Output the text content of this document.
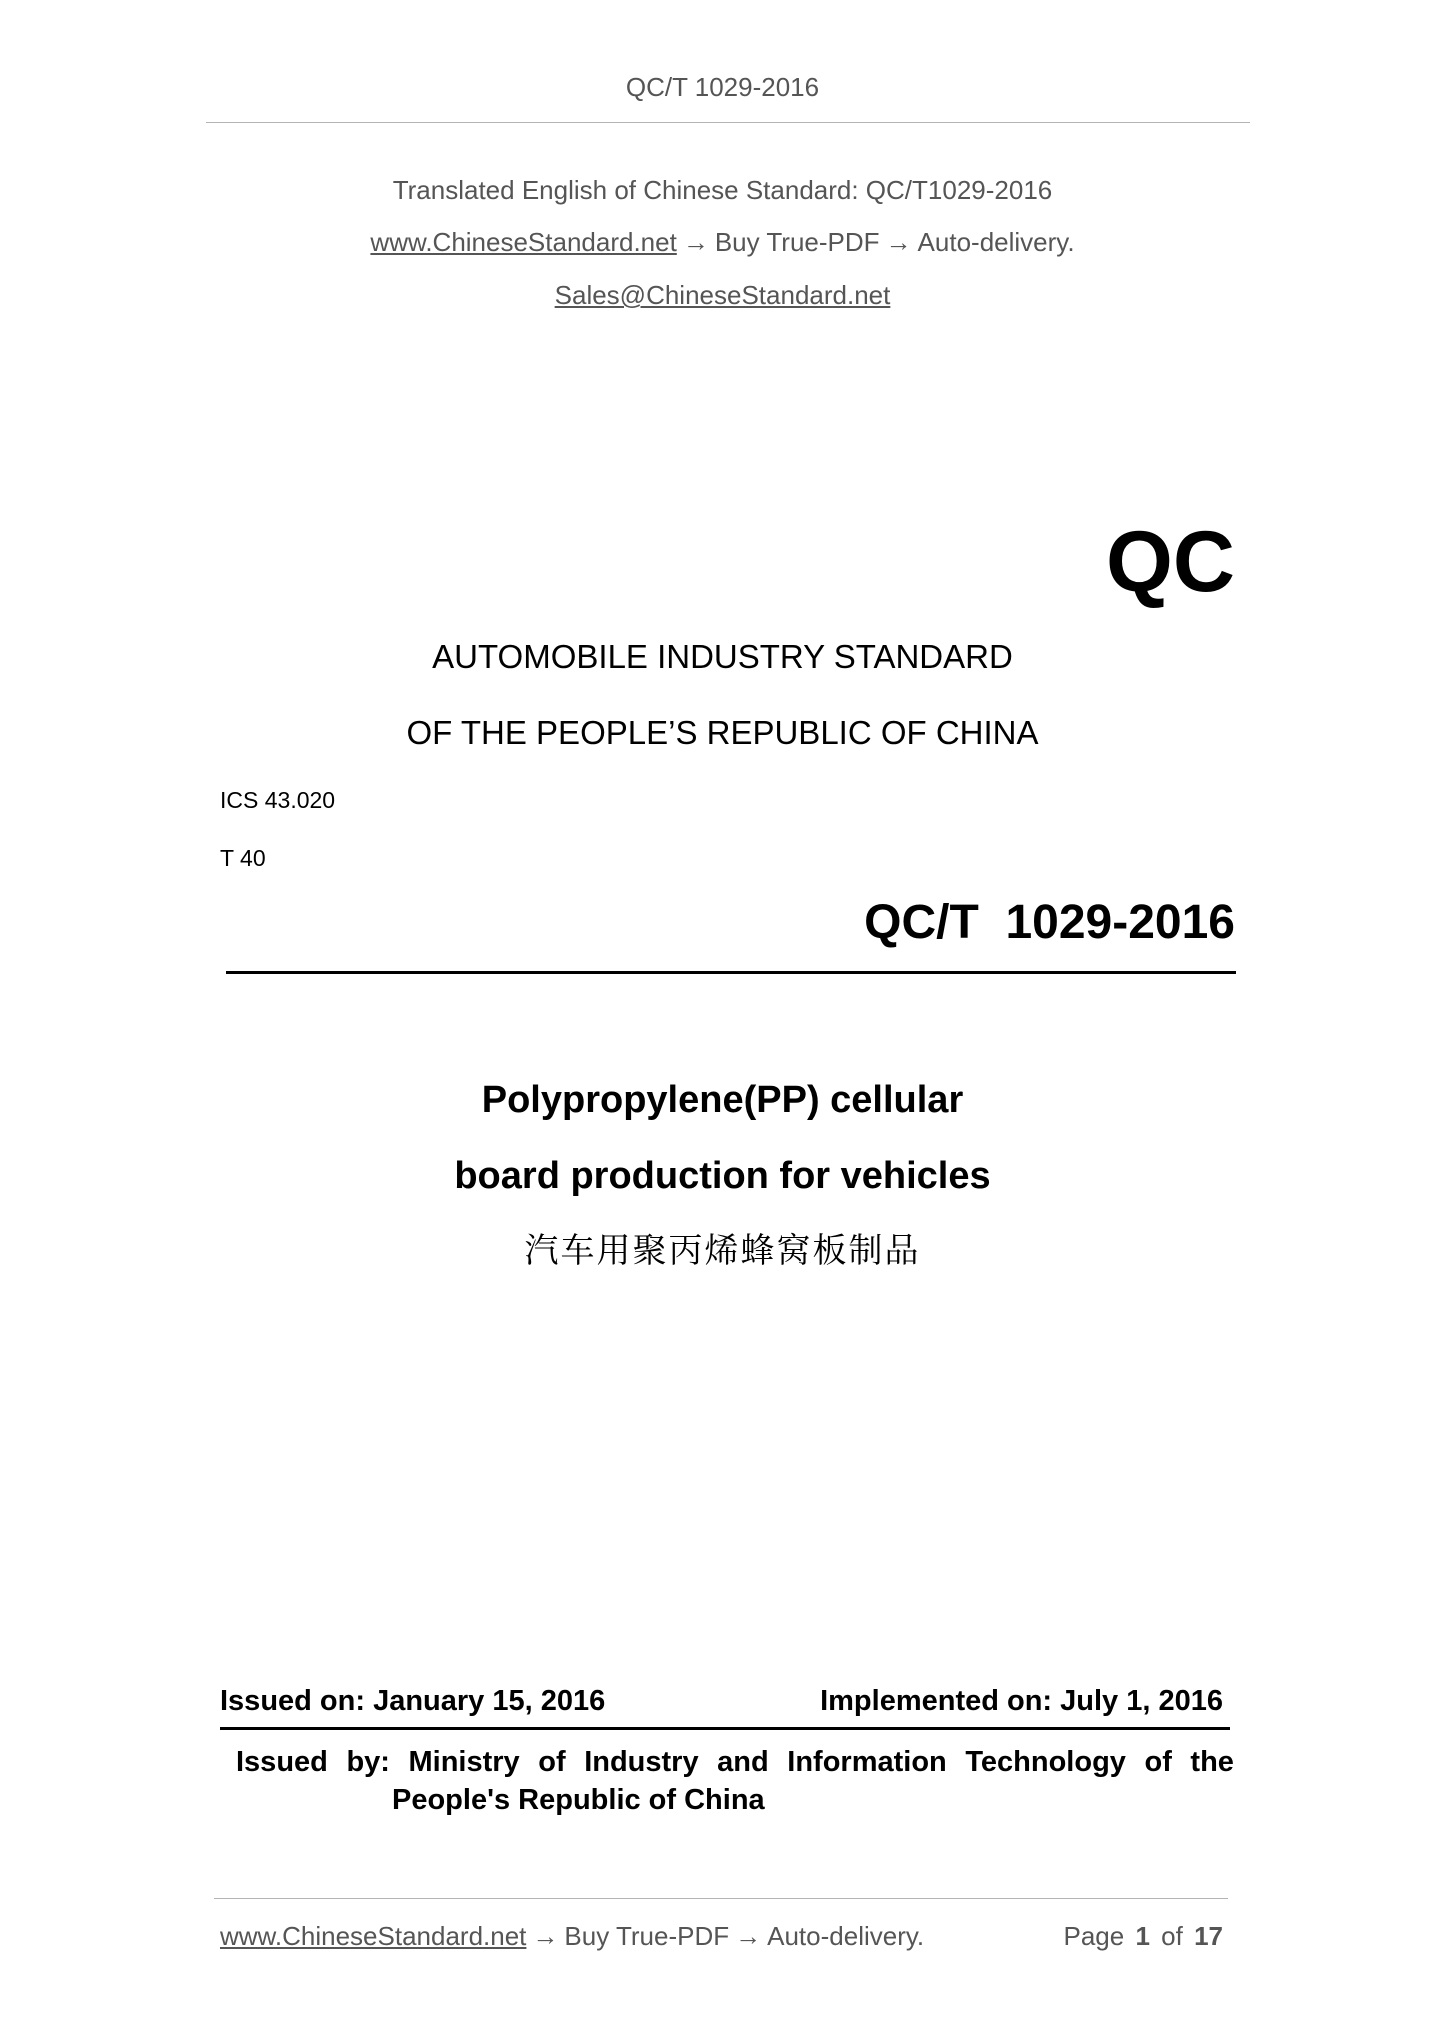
QC/T 1029-2016
Translated English of Chinese Standard: QC/T1029-2016
www.ChineseStandard.net → Buy True-PDF → Auto-delivery.
Sales@ChineseStandard.net
QC
AUTOMOBILE INDUSTRY STANDARD
OF THE PEOPLE’S REPUBLIC OF CHINA
ICS 43.020
T 40
QC/T  1029-2016
Polypropylene(PP) cellular
board production for vehicles
汽车用聚丙烯蜂窝板制品
Issued on: January 15, 2016	Implemented on: July 1, 2016
Issued by: Ministry of Industry and Information Technology of the
People's Republic of China
www.ChineseStandard.net → Buy True-PDF → Auto-delivery.	Page 1 of 17
